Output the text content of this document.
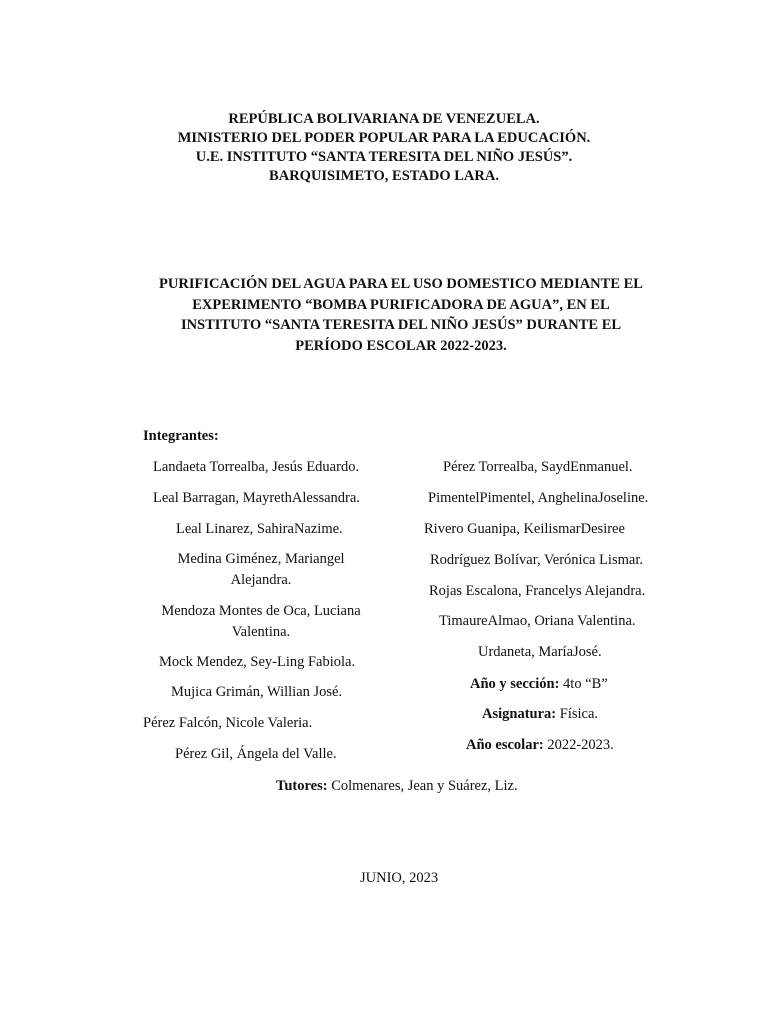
REPÚBLICA BOLIVARIANA DE VENEZUELA.
MINISTERIO DEL PODER POPULAR PARA LA EDUCACIÓN.
U.E. INSTITUTO “SANTA TERESITA DEL NIÑO JESÚS”.
BARQUISIMETO, ESTADO LARA.
PURIFICACIÓN DEL AGUA PARA EL USO DOMESTICO MEDIANTE EL
EXPERIMENTO “BOMBA PURIFICADORA DE AGUA”, EN EL
INSTITUTO “SANTA TERESITA DEL NIÑO JESÚS” DURANTE EL
PERÍODO ESCOLAR 2022-2023.
Integrantes:
Landaeta Torrealba, Jesús Eduardo.
Leal Barragan, MayrethAlessandra.
Leal Linarez, SahiraNazime.
Medina Giménez, Mariangel
Alejandra.
Mendoza Montes de Oca, Luciana
Valentina.
Mock Mendez, Sey-Ling Fabiola.
Mujica Grimán, Willian José.
Pérez Falcón, Nicole Valeria.
Pérez Gil, Ángela del Valle.
Pérez Torrealba, SaydEnmanuel.
PimentelPimentel, AnghelinaJoseline.
Rivero Guanipa, KeilismarDesiree
Rodríguez Bolívar, Verónica Lismar.
Rojas Escalona, Francelys Alejandra.
TimaureAlmao, Oriana Valentina.
Urdaneta, MaríaJosé.
Año y sección: 4to “B”
Asignatura: Física.
Año escolar: 2022-2023.
Tutores: Colmenares, Jean y Suárez, Liz.
JUNIO, 2023
